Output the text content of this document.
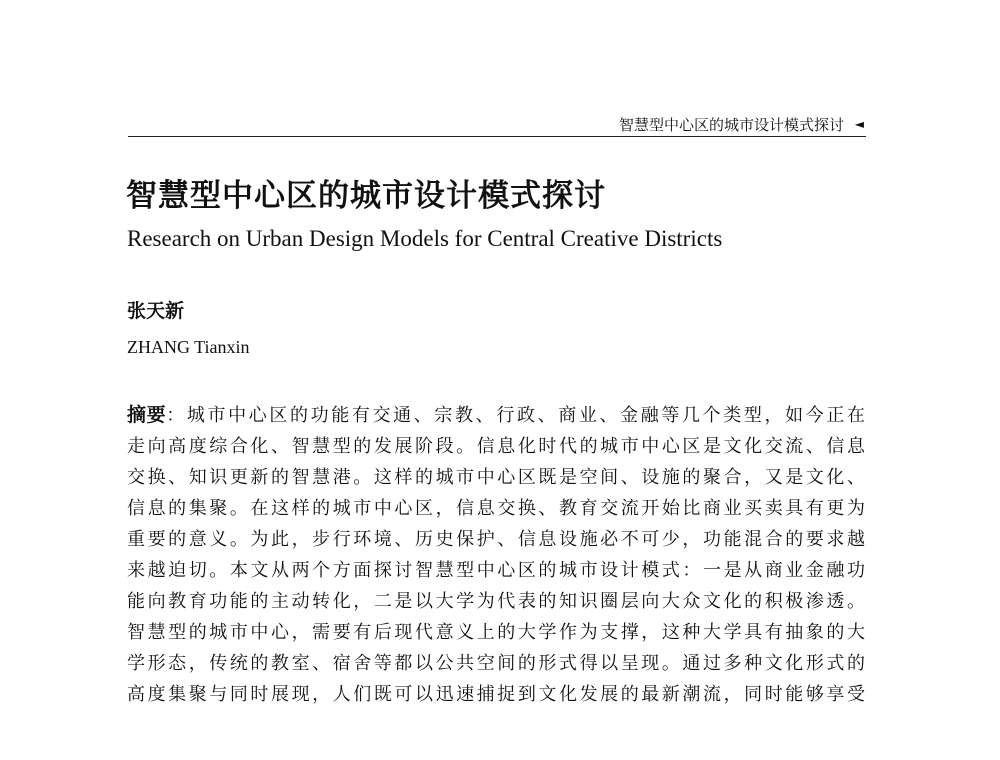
智慧型中心区的城市设计模式探讨 ◄
智慧型中心区的城市设计模式探讨
Research on Urban Design Models for Central Creative Districts
张天新
ZHANG Tianxin
摘要：城市中心区的功能有交通、宗教、行政、商业、金融等几个类型，如今正在
走向高度综合化、智慧型的发展阶段。信息化时代的城市中心区是文化交流、信息
交换、知识更新的智慧港。这样的城市中心区既是空间、设施的聚合，又是文化、
信息的集聚。在这样的城市中心区，信息交换、教育交流开始比商业买卖具有更为
重要的意义。为此，步行环境、历史保护、信息设施必不可少，功能混合的要求越
来越迫切。本文从两个方面探讨智慧型中心区的城市设计模式：一是从商业金融功
能向教育功能的主动转化，二是以大学为代表的知识圈层向大众文化的积极渗透。
智慧型的城市中心，需要有后现代意义上的大学作为支撑，这种大学具有抽象的大
学形态，传统的教室、宿舍等都以公共空间的形式得以呈现。通过多种文化形式的
高度集聚与同时展现，人们既可以迅速捕捉到文化发展的最新潮流，同时能够享受
